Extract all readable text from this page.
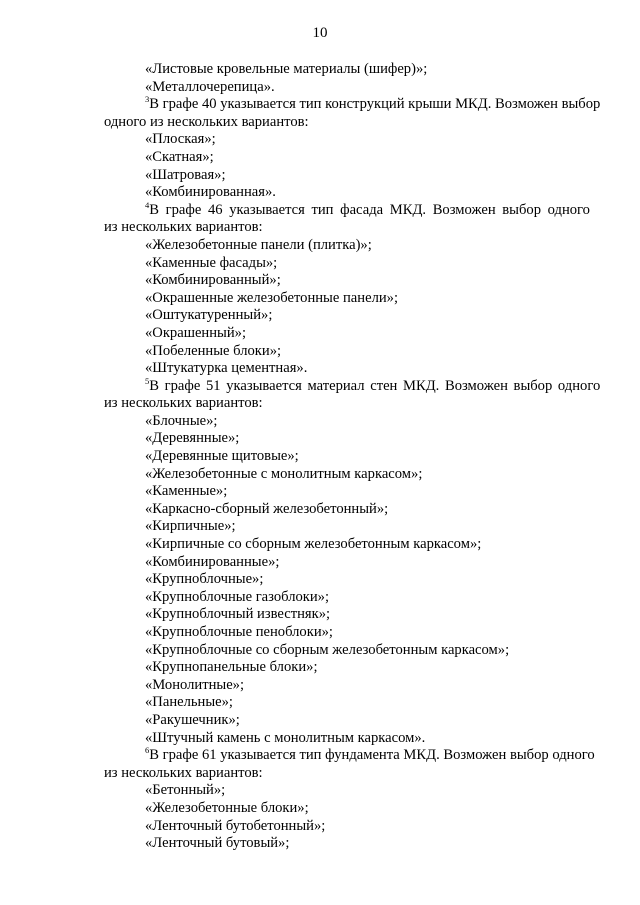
10
«Листовые кровельные материалы (шифер)»;
«Металлочерепица».
$^3$В графе 40 указывается тип конструкций крыши МКД. Возможен выбор
одного из нескольких вариантов:
«Плоская»;
«Скатная»;
«Шатровая»;
«Комбинированная».
$^4$В графе 46 указывается тип фасада МКД. Возможен выбор одного
из нескольких вариантов:
«Железобетонные панели (плитка)»;
«Каменные фасады»;
«Комбинированный»;
«Окрашенные железобетонные панели»;
«Оштукатуренный»;
«Окрашенный»;
«Побеленные блоки»;
«Штукатурка цементная».
$^5$В графе 51 указывается материал стен МКД. Возможен выбор одного
из нескольких вариантов:
«Блочные»;
«Деревянные»;
«Деревянные щитовые»;
«Железобетонные с монолитным каркасом»;
«Каменные»;
«Каркасно-сборный железобетонный»;
«Кирпичные»;
«Кирпичные со сборным железобетонным каркасом»;
«Комбинированные»;
«Крупноблочные»;
«Крупноблочные газоблоки»;
«Крупноблочный известняк»;
«Крупноблочные пеноблоки»;
«Крупноблочные со сборным железобетонным каркасом»;
«Крупнопанельные блоки»;
«Монолитные»;
«Панельные»;
«Ракушечник»;
«Штучный камень с монолитным каркасом».
$^6$В графе 61 указывается тип фундамента МКД. Возможен выбор одного
из нескольких вариантов:
«Бетонный»;
«Железобетонные блоки»;
«Ленточный бутобетонный»;
«Ленточный бутовый»;
